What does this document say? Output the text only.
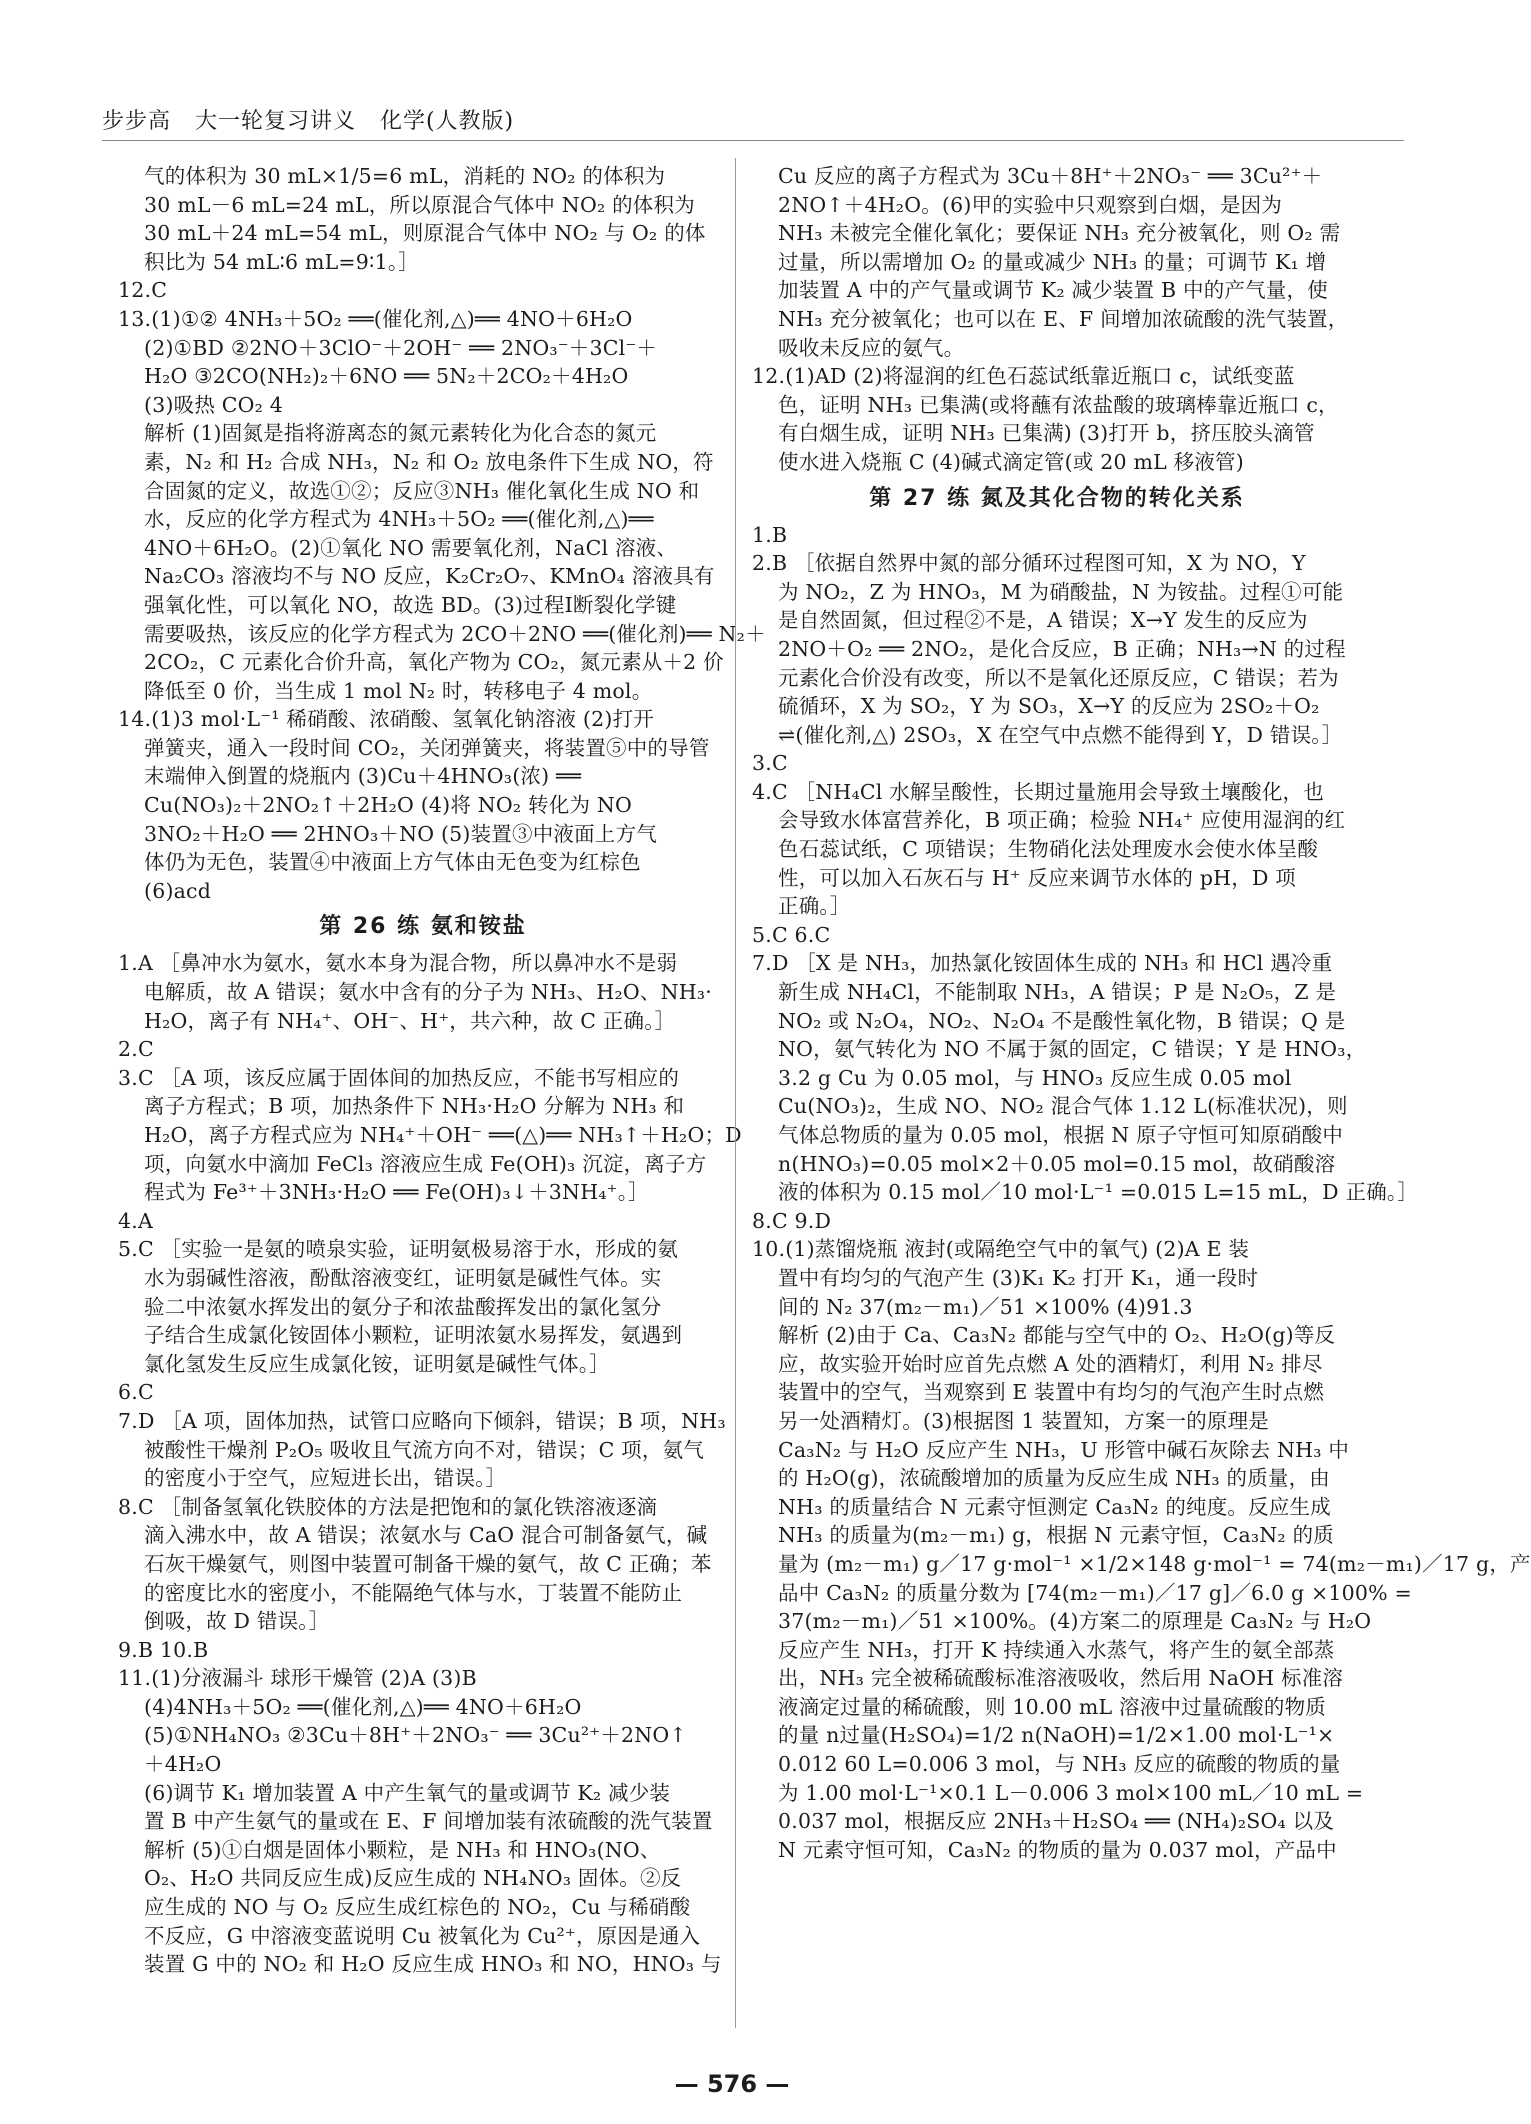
步步高   大一轮复习讲义   化学(人教版)
气的体积为 30 mL×1/5=6 mL，消耗的 NO₂ 的体积为
30 mL－6 mL=24 mL，所以原混合气体中 NO₂ 的体积为
30 mL＋24 mL=54 mL，则原混合气体中 NO₂ 与 O₂ 的体
积比为 54 mL∶6 mL=9∶1。］
12.C
13.(1)①② 4NH₃＋5O₂ ══(催化剂,△)══ 4NO＋6H₂O
(2)①BD ②2NO＋3ClO⁻＋2OH⁻ ══ 2NO₃⁻＋3Cl⁻＋
H₂O ③2CO(NH₂)₂＋6NO ══ 5N₂＋2CO₂＋4H₂O
(3)吸热 CO₂ 4
解析 (1)固氮是指将游离态的氮元素转化为化合态的氮元
素，N₂ 和 H₂ 合成 NH₃，N₂ 和 O₂ 放电条件下生成 NO，符
合固氮的定义，故选①②；反应③NH₃ 催化氧化生成 NO 和
水，反应的化学方程式为 4NH₃＋5O₂ ══(催化剂,△)══
4NO＋6H₂O。(2)①氧化 NO 需要氧化剂，NaCl 溶液、
Na₂CO₃ 溶液均不与 NO 反应，K₂Cr₂O₇、KMnO₄ 溶液具有
强氧化性，可以氧化 NO，故选 BD。(3)过程Ⅰ断裂化学键
需要吸热，该反应的化学方程式为 2CO＋2NO ══(催化剂)══ N₂＋
2CO₂，C 元素化合价升高，氧化产物为 CO₂，氮元素从＋2 价
降低至 0 价，当生成 1 mol N₂ 时，转移电子 4 mol。
14.(1)3 mol·L⁻¹ 稀硝酸、浓硝酸、氢氧化钠溶液 (2)打开
弹簧夹，通入一段时间 CO₂，关闭弹簧夹，将装置⑤中的导管
末端伸入倒置的烧瓶内 (3)Cu＋4HNO₃(浓) ══
Cu(NO₃)₂＋2NO₂↑＋2H₂O (4)将 NO₂ 转化为 NO
3NO₂＋H₂O ══ 2HNO₃＋NO (5)装置③中液面上方气
体仍为无色，装置④中液面上方气体由无色变为红棕色
(6)acd
第 26 练 氨和铵盐
1.A ［鼻冲水为氨水，氨水本身为混合物，所以鼻冲水不是弱
电解质，故 A 错误；氨水中含有的分子为 NH₃、H₂O、NH₃·
H₂O，离子有 NH₄⁺、OH⁻、H⁺，共六种，故 C 正确。］
2.C
3.C ［A 项，该反应属于固体间的加热反应，不能书写相应的
离子方程式；B 项，加热条件下 NH₃·H₂O 分解为 NH₃ 和
H₂O，离子方程式应为 NH₄⁺＋OH⁻ ══(△)══ NH₃↑＋H₂O；D
项，向氨水中滴加 FeCl₃ 溶液应生成 Fe(OH)₃ 沉淀，离子方
程式为 Fe³⁺＋3NH₃·H₂O ══ Fe(OH)₃↓＋3NH₄⁺。］
4.A
5.C ［实验一是氨的喷泉实验，证明氨极易溶于水，形成的氨
水为弱碱性溶液，酚酞溶液变红，证明氨是碱性气体。实
验二中浓氨水挥发出的氨分子和浓盐酸挥发出的氯化氢分
子结合生成氯化铵固体小颗粒，证明浓氨水易挥发，氨遇到
氯化氢发生反应生成氯化铵，证明氨是碱性气体。］
6.C
7.D ［A 项，固体加热，试管口应略向下倾斜，错误；B 项，NH₃
被酸性干燥剂 P₂O₅ 吸收且气流方向不对，错误；C 项，氨气
的密度小于空气，应短进长出，错误。］
8.C ［制备氢氧化铁胶体的方法是把饱和的氯化铁溶液逐滴
滴入沸水中，故 A 错误；浓氨水与 CaO 混合可制备氨气，碱
石灰干燥氨气，则图中装置可制备干燥的氨气，故 C 正确；苯
的密度比水的密度小，不能隔绝气体与水，丁装置不能防止
倒吸，故 D 错误。］
9.B 10.B
11.(1)分液漏斗 球形干燥管 (2)A (3)B
(4)4NH₃＋5O₂ ══(催化剂,△)══ 4NO＋6H₂O
(5)①NH₄NO₃ ②3Cu＋8H⁺＋2NO₃⁻ ══ 3Cu²⁺＋2NO↑
＋4H₂O
(6)调节 K₁ 增加装置 A 中产生氧气的量或调节 K₂ 减少装
置 B 中产生氨气的量或在 E、F 间增加装有浓硫酸的洗气装置
解析 (5)①白烟是固体小颗粒，是 NH₃ 和 HNO₃(NO、
O₂、H₂O 共同反应生成)反应生成的 NH₄NO₃ 固体。②反
应生成的 NO 与 O₂ 反应生成红棕色的 NO₂，Cu 与稀硝酸
不反应，G 中溶液变蓝说明 Cu 被氧化为 Cu²⁺，原因是通入
装置 G 中的 NO₂ 和 H₂O 反应生成 HNO₃ 和 NO，HNO₃ 与
Cu 反应的离子方程式为 3Cu＋8H⁺＋2NO₃⁻ ══ 3Cu²⁺＋
2NO↑＋4H₂O。(6)甲的实验中只观察到白烟，是因为
NH₃ 未被完全催化氧化；要保证 NH₃ 充分被氧化，则 O₂ 需
过量，所以需增加 O₂ 的量或减少 NH₃ 的量；可调节 K₁ 增
加装置 A 中的产气量或调节 K₂ 减少装置 B 中的产气量，使
NH₃ 充分被氧化；也可以在 E、F 间增加浓硫酸的洗气装置，
吸收未反应的氨气。
12.(1)AD (2)将湿润的红色石蕊试纸靠近瓶口 c，试纸变蓝
色，证明 NH₃ 已集满(或将蘸有浓盐酸的玻璃棒靠近瓶口 c，
有白烟生成，证明 NH₃ 已集满) (3)打开 b，挤压胶头滴管
使水进入烧瓶 C (4)碱式滴定管(或 20 mL 移液管)
第 27 练 氮及其化合物的转化关系
1.B
2.B ［依据自然界中氮的部分循环过程图可知，X 为 NO，Y
为 NO₂，Z 为 HNO₃，M 为硝酸盐，N 为铵盐。过程①可能
是自然固氮，但过程②不是，A 错误；X→Y 发生的反应为
2NO＋O₂ ══ 2NO₂，是化合反应，B 正确；NH₃→N 的过程
元素化合价没有改变，所以不是氧化还原反应，C 错误；若为
硫循环，X 为 SO₂，Y 为 SO₃，X→Y 的反应为 2SO₂＋O₂
⇌(催化剂,△) 2SO₃，X 在空气中点燃不能得到 Y，D 错误。］
3.C
4.C ［NH₄Cl 水解呈酸性，长期过量施用会导致土壤酸化，也
会导致水体富营养化，B 项正确；检验 NH₄⁺ 应使用湿润的红
色石蕊试纸，C 项错误；生物硝化法处理废水会使水体呈酸
性，可以加入石灰石与 H⁺ 反应来调节水体的 pH，D 项
正确。］
5.C 6.C
7.D ［X 是 NH₃，加热氯化铵固体生成的 NH₃ 和 HCl 遇冷重
新生成 NH₄Cl，不能制取 NH₃，A 错误；P 是 N₂O₅，Z 是
NO₂ 或 N₂O₄，NO₂、N₂O₄ 不是酸性氧化物，B 错误；Q 是
NO，氨气转化为 NO 不属于氮的固定，C 错误；Y 是 HNO₃，
3.2 g Cu 为 0.05 mol，与 HNO₃ 反应生成 0.05 mol
Cu(NO₃)₂，生成 NO、NO₂ 混合气体 1.12 L(标准状况)，则
气体总物质的量为 0.05 mol，根据 N 原子守恒可知原硝酸中
n(HNO₃)=0.05 mol×2＋0.05 mol=0.15 mol，故硝酸溶
液的体积为 0.15 mol／10 mol·L⁻¹ =0.015 L=15 mL，D 正确。］
8.C 9.D
10.(1)蒸馏烧瓶 液封(或隔绝空气中的氧气) (2)A E 装
置中有均匀的气泡产生 (3)K₁ K₂ 打开 K₁，通一段时
间的 N₂ 37(m₂－m₁)／51 ×100% (4)91.3
解析 (2)由于 Ca、Ca₃N₂ 都能与空气中的 O₂、H₂O(g)等反
应，故实验开始时应首先点燃 A 处的酒精灯，利用 N₂ 排尽
装置中的空气，当观察到 E 装置中有均匀的气泡产生时点燃
另一处酒精灯。(3)根据图 1 装置知，方案一的原理是
Ca₃N₂ 与 H₂O 反应产生 NH₃，U 形管中碱石灰除去 NH₃ 中
的 H₂O(g)，浓硫酸增加的质量为反应生成 NH₃ 的质量，由
NH₃ 的质量结合 N 元素守恒测定 Ca₃N₂ 的纯度。反应生成
NH₃ 的质量为(m₂－m₁) g，根据 N 元素守恒，Ca₃N₂ 的质
量为 (m₂－m₁) g／17 g·mol⁻¹ ×1/2×148 g·mol⁻¹ = 74(m₂－m₁)／17 g，产
品中 Ca₃N₂ 的质量分数为 [74(m₂－m₁)／17 g]／6.0 g ×100% =
37(m₂－m₁)／51 ×100%。(4)方案二的原理是 Ca₃N₂ 与 H₂O
反应产生 NH₃，打开 K 持续通入水蒸气，将产生的氨全部蒸
出，NH₃ 完全被稀硫酸标准溶液吸收，然后用 NaOH 标准溶
液滴定过量的稀硫酸，则 10.00 mL 溶液中过量硫酸的物质
的量 n过量(H₂SO₄)=1/2 n(NaOH)=1/2×1.00 mol·L⁻¹×
0.012 60 L=0.006 3 mol，与 NH₃ 反应的硫酸的物质的量
为 1.00 mol·L⁻¹×0.1 L－0.006 3 mol×100 mL／10 mL =
0.037 mol，根据反应 2NH₃＋H₂SO₄ ══ (NH₄)₂SO₄ 以及
N 元素守恒可知，Ca₃N₂ 的物质的量为 0.037 mol，产品中
— 576 —
